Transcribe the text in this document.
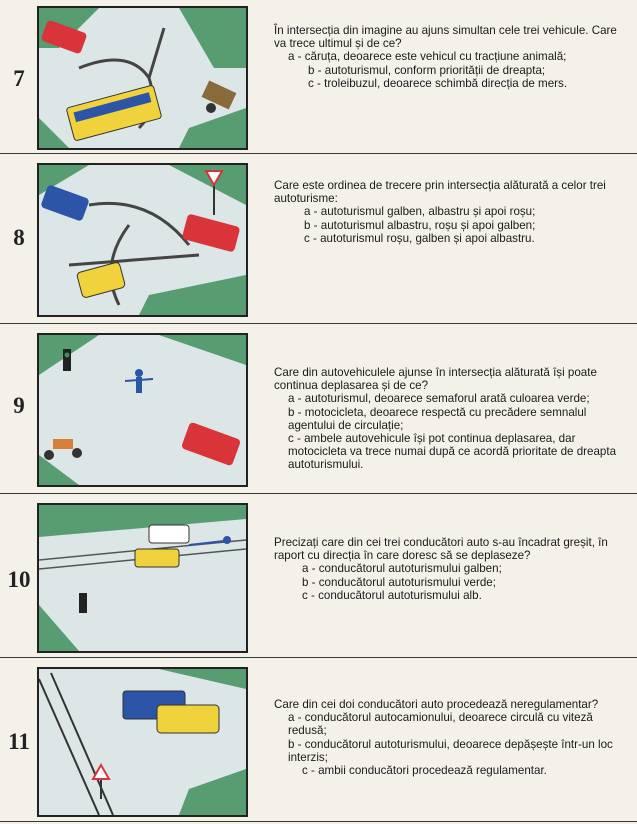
7

În intersecția din imagine au ajuns simultan cele trei vehicule. Care va trece ultimul și de ce?

a - căruța, deoarece este vehicul cu tracțiune animală;
b - autoturismul, conform priorității de dreapta;
c - troleibuzul, deoarece schimbă direcția de mers.
8

Care este ordinea de trecere prin intersecția alăturată a celor trei autoturisme:

a - autoturismul galben, albastru și apoi roșu;
b - autoturismul albastru, roșu și apoi galben;
c - autoturismul roșu, galben și apoi albastru.
9

Care din autovehiculele ajunse în intersecția alăturată își poate continua deplasarea și de ce?

a - autoturismul, deoarece semaforul arată culoarea verde;
b - motocicleta, deoarece respectă cu precădere semnalul agentului de circulație;
c - ambele autovehicule își pot continua deplasarea, dar motocicleta va trece numai după ce acordă prioritate de dreapta autoturismului.
10

Precizați care din cei trei conducători auto s-au încadrat greșit, în raport cu direcția în care doresc să se deplaseze?

a - conducătorul autoturismului galben;
b - conducătorul autoturismului verde;
c - conducătorul autoturismului alb.
11

Care din cei doi conducători auto procedează neregulamentar?

a - conducătorul autocamionului, deoarece circulă cu viteză redusă;
b - conducătorul autoturismului, deoarece depășește într-un loc interzis;
c - ambii conducători procedează regulamentar.
